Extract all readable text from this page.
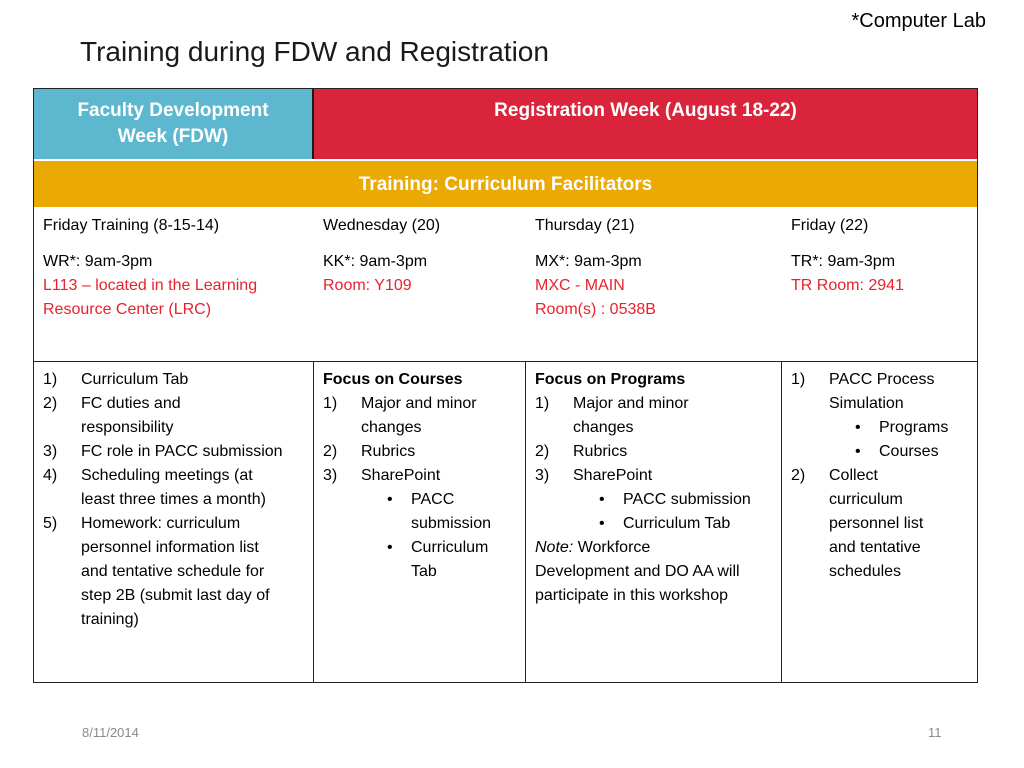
*Computer Lab
Training during FDW and Registration
Faculty Development
Week (FDW)
Registration Week (August 18-22)
Training: Curriculum Facilitators
Friday Training (8-15-14)
WR*: 9am-3pm
L113 – located in the Learning
Resource Center (LRC)
Wednesday (20)
KK*: 9am-3pm
Room: Y109
Thursday (21)
MX*: 9am-3pm
MXC - MAIN
Room(s) : 0538B
Friday (22)
TR*: 9am-3pm
TR Room: 2941
1) Curriculum Tab
2) FC duties and
responsibility
3) FC role in PACC submission
4) Scheduling meetings (at
least three times a month)
5) Homework: curriculum
personnel information list
and tentative schedule for
step 2B (submit last day of
training)
Focus on Courses
1) Major and minor
changes
2) Rubrics
3) SharePoint
• PACC
submission
• Curriculum
Tab
Focus on Programs
1) Major and minor
changes
2) Rubrics
3) SharePoint
• PACC submission
• Curriculum Tab
Note: Workforce
Development and DO AA will
participate in this workshop
1) PACC Process
Simulation
• Programs
• Courses
2) Collect
curriculum
personnel list
and tentative
schedules
8/11/2014	11
